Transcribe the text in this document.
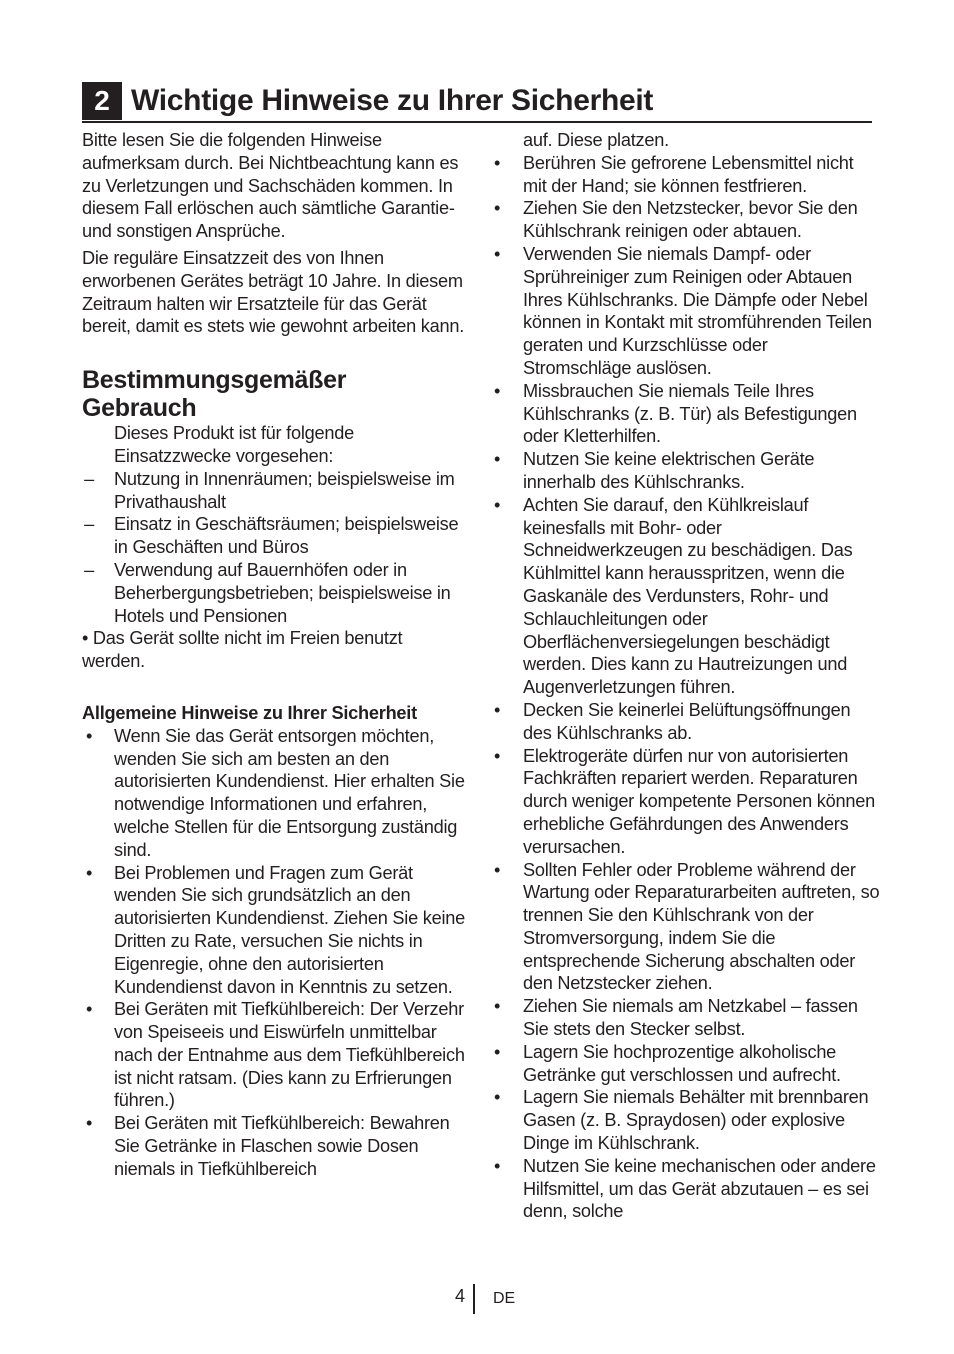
2 Wichtige Hinweise zu Ihrer Sicherheit

Bitte lesen Sie die folgenden Hinweise aufmerksam durch. Bei Nichtbeachtung kann es zu Verletzungen und Sachschäden kommen. In diesem Fall erlöschen auch sämtliche Garantie- und sonstigen Ansprüche.

Die reguläre Einsatzzeit des von Ihnen erworbenen Gerätes beträgt 10 Jahre. In diesem Zeitraum halten wir Ersatzteile für das Gerät bereit, damit es stets wie gewohnt arbeiten kann.

Bestimmungsgemäßer Gebrauch

Dieses Produkt ist für folgende Einsatzzwecke vorgesehen:

– Nutzung in Innenräumen; beispielsweise im Privathaushalt
– Einsatz in Geschäftsräumen; beispielsweise in Geschäften und Büros
– Verwendung auf Bauernhöfen oder in Beherbergungsbetrieben; beispielsweise in Hotels und Pensionen

• Das Gerät sollte nicht im Freien benutzt werden.

Allgemeine Hinweise zu Ihrer Sicherheit
• Wenn Sie das Gerät entsorgen möchten, wenden Sie sich am besten an den autorisierten Kundendienst. Hier erhalten Sie notwendige Informationen und erfahren, welche Stellen für die Entsorgung zuständig sind.
• Bei Problemen und Fragen zum Gerät wenden Sie sich grundsätzlich an den autorisierten Kundendienst. Ziehen Sie keine Dritten zu Rate, versuchen Sie nichts in Eigenregie, ohne den autorisierten Kundendienst davon in Kenntnis zu setzen.
• Bei Geräten mit Tiefkühlbereich: Der Verzehr von Speiseeis und Eiswürfeln unmittelbar nach der Entnahme aus dem Tiefkühlbereich ist nicht ratsam. (Dies kann zu Erfrierungen führen.)
• Bei Geräten mit Tiefkühlbereich: Bewahren Sie Getränke in Flaschen sowie Dosen niemals in Tiefkühlbereich

auf. Diese platzen.

• Berühren Sie gefrorene Lebensmittel nicht mit der Hand; sie können festfrieren.
• Ziehen Sie den Netzstecker, bevor Sie den Kühlschrank reinigen oder abtauen.
• Verwenden Sie niemals Dampf- oder Sprühreiniger zum Reinigen oder Abtauen Ihres Kühlschranks. Die Dämpfe oder Nebel können in Kontakt mit stromführenden Teilen geraten und Kurzschlüsse oder Stromschläge auslösen.
• Missbrauchen Sie niemals Teile Ihres Kühlschranks (z. B. Tür) als Befestigungen oder Kletterhilfen.
• Nutzen Sie keine elektrischen Geräte innerhalb des Kühlschranks.
• Achten Sie darauf, den Kühlkreislauf keinesfalls mit Bohr- oder Schneidwerkzeugen zu beschädigen. Das Kühlmittel kann herausspritzen, wenn die Gaskanäle des Verdunsters, Rohr- und Schlauchleitungen oder Oberflächenversiegelungen beschädigt werden. Dies kann zu Hautreizungen und Augenverletzungen führen.
• Decken Sie keinerlei Belüftungsöffnungen des Kühlschranks ab.
• Elektrogeräte dürfen nur von autorisierten Fachkräften repariert werden. Reparaturen durch weniger kompetente Personen können erhebliche Gefährdungen des Anwenders verursachen.
• Sollten Fehler oder Probleme während der Wartung oder Reparaturarbeiten auftreten, so trennen Sie den Kühlschrank von der Stromversorgung, indem Sie die entsprechende Sicherung abschalten oder den Netzstecker ziehen.
• Ziehen Sie niemals am Netzkabel – fassen Sie stets den Stecker selbst.
• Lagern Sie hochprozentige alkoholische Getränke gut verschlossen und aufrecht.
• Lagern Sie niemals Behälter mit brennbaren Gasen (z. B. Spraydosen) oder explosive Dinge im Kühlschrank.
• Nutzen Sie keine mechanischen oder andere Hilfsmittel, um das Gerät abzutauen – es sei denn, solche
4 DE
